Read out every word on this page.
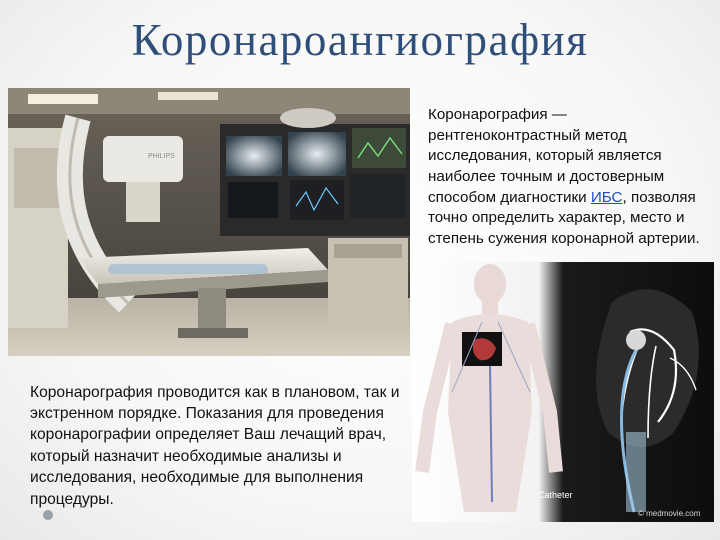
Коронароангиография
PHILIPS

Коронарография — рентгеноконтрастный метод исследования, который является наиболее точным и достоверным способом диагностики ИБС, позволяя точно определить характер, место и степень сужения коронарной артерии.

Коронарография проводится как в плановом, так и экстренном порядке. Показания для проведения коронарографии определяет Ваш лечащий врач, который назначит необходимые анализы и исследования, необходимые для выполнения процедуры.	Catheter
© medmovie.com
